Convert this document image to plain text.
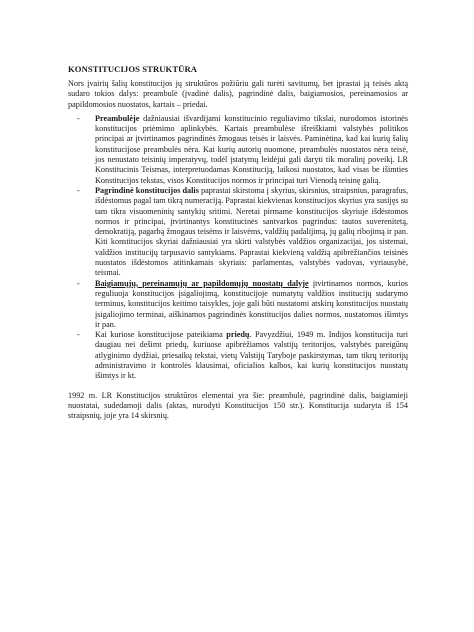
KONSTITUCIJOS STRUKTŪRA

Nors įvairių šalių konstitucijos jų struktūros požiūriu gali turėti savitumų, bet įprastai ją teisės aktą sudaro tokios dalys: preambulė (įvadinė dalis), pagrindinė dalis, baigiamosios, pereinamosios ar papildomosios nuostatos, kartais – priedai.

- Preambulėje dažniausiai išvardijami konstitucinio reguliavimo tikslai, nurodomos istorinės konstitucijos priėmimo aplinkybės. Kartais preambulėse išreiškiami valstybės politikos principai ar įtvirtinamos pagrindinės žmogaus teisės ir laisvės. Paminėtina, kad kai kurių šalių konstitucijose preambulės nėra. Kai kurių autorių nuomone, preambulės nuostatos nėra teisė, jos nenustato teisinių imperatyvų, todėl įstatymų leidėjui gali daryti tik moralinį poveikį. LR Konstitucinis Teismas, interpretuodamas Konstituciją, laikosi nuostatos, kad visas be išimties Konstitucijos tekstas, visos Konstitucijos normos ir principai turi Vienodą teisinę galią.
- Pagrindinė konstitucijos dalis paprastai skirstoma į skyrius, skirsnius, straipsnius, paragrafus, išdėstomus pagal tam tikrą numeraciją. Paprastai kiekvienas konstitucijos skyrius yra susijęs su tam tikra visuomeninių santykių sritimi. Neretai pirmame konstitucijos skyriuje išdėstomos normos ir principai, įtvirtinantys konstitucinės santvarkos pagrindus: tautos suverenitetą, demokratiją, pagarbą žmogaus teisėms ir laisvėms, valdžių padalijimą, jų galių ribojimą ir pan. Kiti konstitucijos skyriai dažniausiai yra skirti valstybės valdžios organizacijai, jos sistemai, valdžios institucijų tarpusavio santykiams. Paprastai kiekvieną valdžią apibrėžiančios teisinės nuostatos išdėstomos atitinkamais skyriais: parlamentas, valstybės vadovas, vyriausybė, teismai.
- Baigiamųjų, pereinamųjų ar papildomųjų nuostatų dalyje įtvirtinamos normos, kurios reguliuoja konstitucijos įsigaliojimą, konstitucijoje numatytų valdžios institucijų sudarymo terminus, konstitucijos keitimo taisykles, joje gali būti nustatomi atskirų konstitucijos nuostatų įsigaliojimo terminai, aiškinamos pagrindinės konstitucijos dalies normos, nustatomos išimtys ir pan.
- Kai kuriose konstitucijose pateikiama priedų. Pavyzdžiui, 1949 m. Indijos konstitucija turi daugiau nei dešimt priedų, kuriuose apibrėžiamos valstijų teritorijos, valstybės pareigūnų atlyginimo dydžiai, priesaikų tekstai, vietų Valstijų Taryboje paskirstymas, tam tikrų teritorijų administravimo ir kontrolės klausimai, oficialios kalbos, kai kurių konstitucijos nuostatų išimtys ir kt.

1992 m. LR Konstitucijos struktūros elementai yra šie: preambulė, pagrindinė dalis, baigiamieji nuostatai, sudedamoji dalis (aktas, nurodyti Konstitucijos 150 str.). Konstitucija sudaryta iš 154 straipsnių, joje yra 14 skirsnių.
